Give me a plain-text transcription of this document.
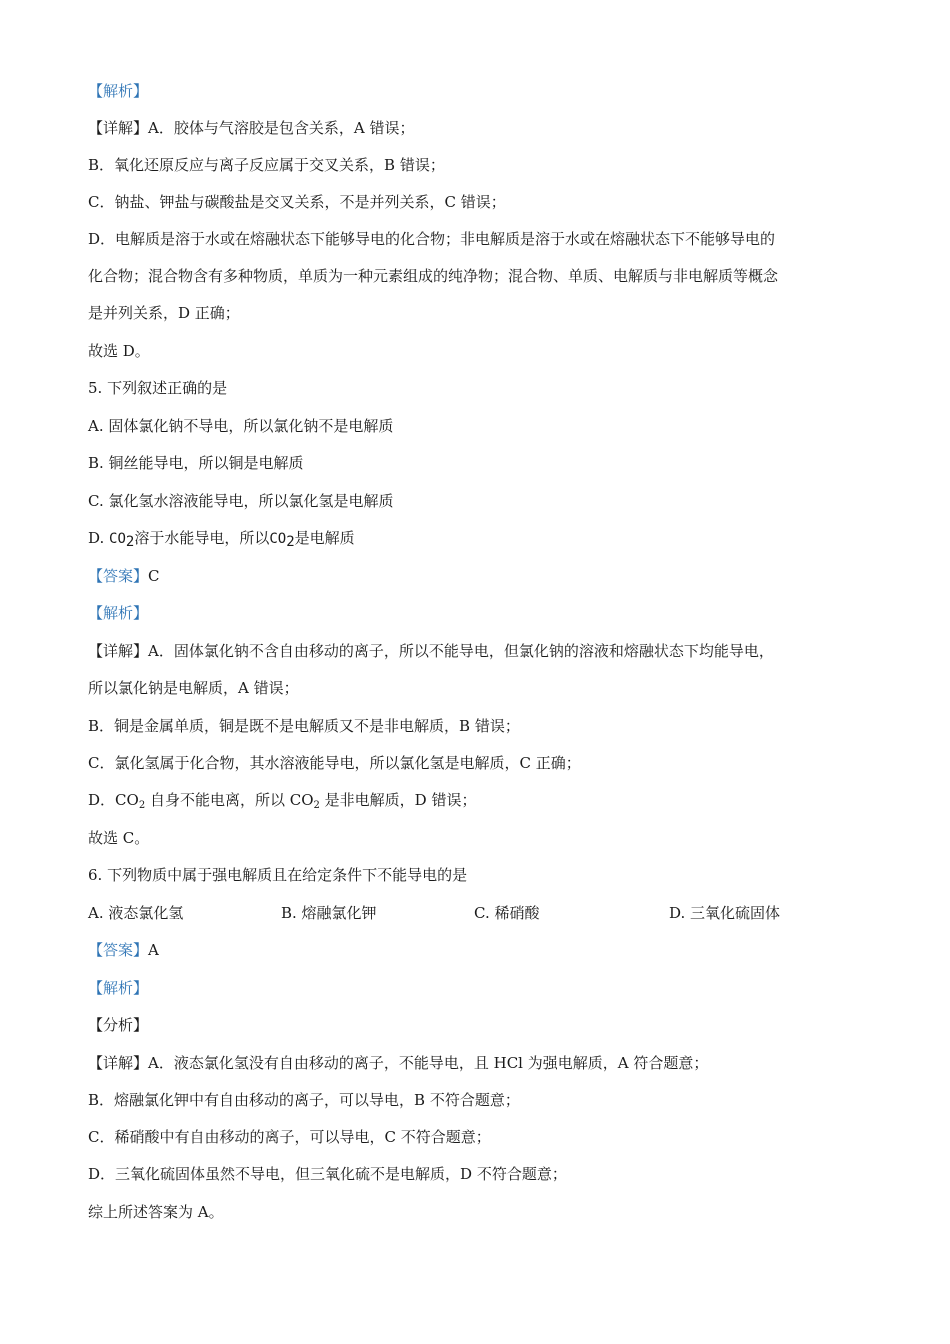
【解析】
【详解】A．胶体与气溶胶是包含关系，A 错误；
B．氧化还原反应与离子反应属于交叉关系，B 错误；
C．钠盐、钾盐与碳酸盐是交叉关系，不是并列关系，C 错误；
D．电解质是溶于水或在熔融状态下能够导电的化合物；非电解质是溶于水或在熔融状态下不能够导电的
化合物；混合物含有多种物质，单质为一种元素组成的纯净物；混合物、单质、电解质与非电解质等概念
是并列关系，D 正确；
故选 D。
5. 下列叙述正确的是
A. 固体氯化钠不导电，所以氯化钠不是电解质
B. 铜丝能导电，所以铜是电解质
C. 氯化氢水溶液能导电，所以氯化氢是电解质
D. $CO_2$溶于水能导电，所以$CO_2$是电解质
【答案】C
【解析】
【详解】A．固体氯化钠不含自由移动的离子，所以不能导电，但氯化钠的溶液和熔融状态下均能导电，
所以氯化钠是电解质，A 错误；
B．铜是金属单质，铜是既不是电解质又不是非电解质，B 错误；
C．氯化氢属于化合物，其水溶液能导电，所以氯化氢是电解质，C 正确；
D．$CO_2$ 自身不能电离，所以 $CO_2$ 是非电解质，D 错误；
故选 C。
6. 下列物质中属于强电解质且在给定条件下不能导电的是
A. 液态氯化氢	B. 熔融氯化钾	C. 稀硝酸	D. 三氧化硫固体
【答案】A
【解析】
【分析】
【详解】A．液态氯化氢没有自由移动的离子，不能导电，且 HCl 为强电解质，A 符合题意；
B．熔融氯化钾中有自由移动的离子，可以导电，B 不符合题意；
C．稀硝酸中有自由移动的离子，可以导电，C 不符合题意；
D．三氧化硫固体虽然不导电，但三氧化硫不是电解质，D 不符合题意；
综上所述答案为 A。
